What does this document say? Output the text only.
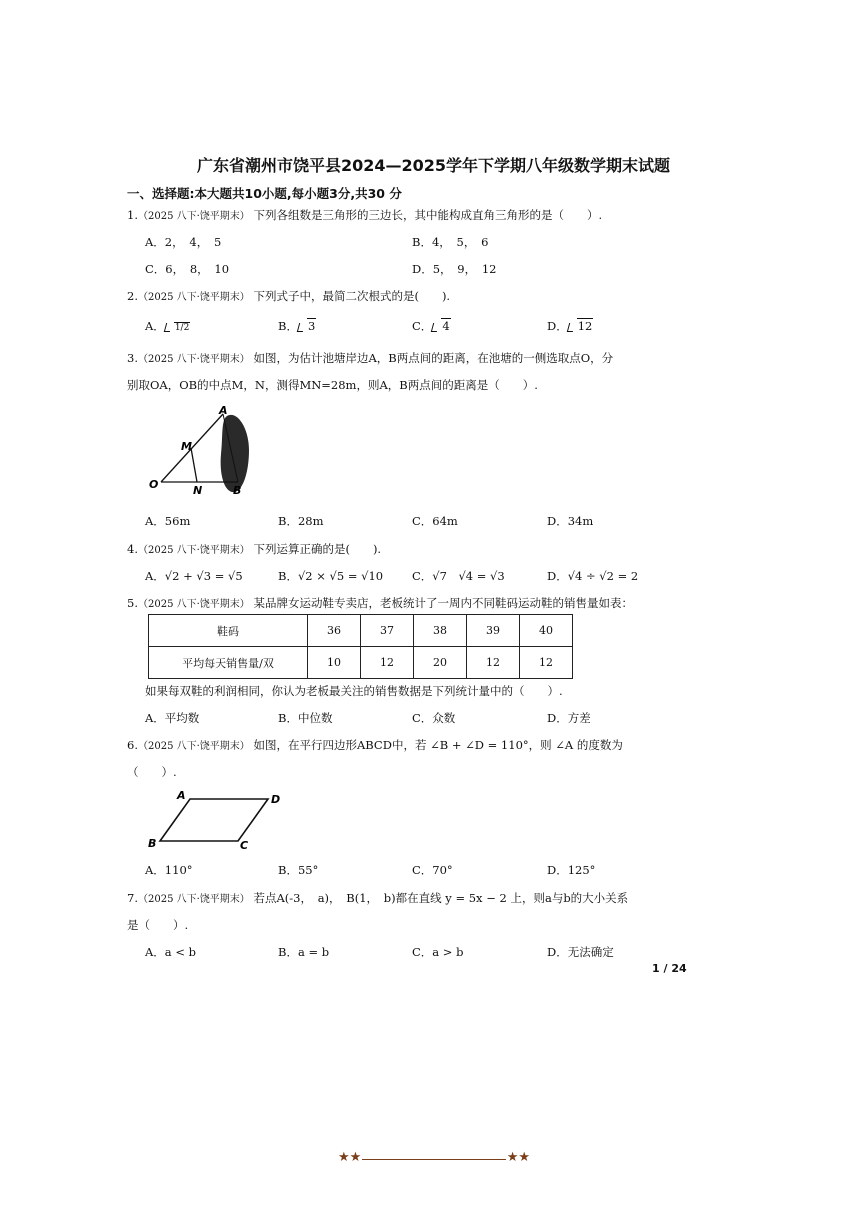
广东省潮州市饶平县2024—2025学年下学期八年级数学期末试题
一、选择题:本大题共10小题,每小题3分,共30 分
1.（2025 八下·饶平期末） 下列各组数是三角形的三边长，其中能构成直角三角形的是（　　）.
A．2，　4，　5	B．4，　5，　6
C．6，　8，　10	D．5，　9，　12
2.（2025 八下·饶平期末） 下列式子中，最简二次根式的是(　　).
A． 1/2	B． 3	C． 4	D． 12
3.（2025 八下·饶平期末） 如图，为估计池塘岸边A，B两点间的距离，在池塘的一侧选取点O，分
别取OA，OB的中点M，N，测得MN=28m，则A，B两点间的距离是（　　）.
A
M
O	N	B
A．56m	B．28m	C．64m	D．34m
4.（2025 八下·饶平期末） 下列运算正确的是(　　).
A．√2 + √3 = √5	B．√2 × √5 = √10	C．√7　√4 = √3	D．√4 ÷ √2 = 2
5.（2025 八下·饶平期末） 某品牌女运动鞋专卖店，老板统计了一周内不同鞋码运动鞋的销售量如表：
鞋码	36	37	38	39	40
平均每天销售量/双	10	12	20	12	12
如果每双鞋的利润相同，你认为老板最关注的销售数据是下列统计量中的（　　）.
A．平均数	B．中位数	C．众数	D．方差
6.（2025 八下·饶平期末） 如图，在平行四边形ABCD中，若 ∠B + ∠D = 110°，则 ∠A 的度数为
（　　）.
A	D
B	C
A．110°	B．55°	C．70°	D．125°
7.（2025 八下·饶平期末） 若点A(-3，　a)，　B(1，　b)都在直线 y = 5x − 2 上，则a与b的大小关系
是（　　）.
A．a < b	B．a = b	C．a > b	D．无法确定
1 / 24
★★	★★
